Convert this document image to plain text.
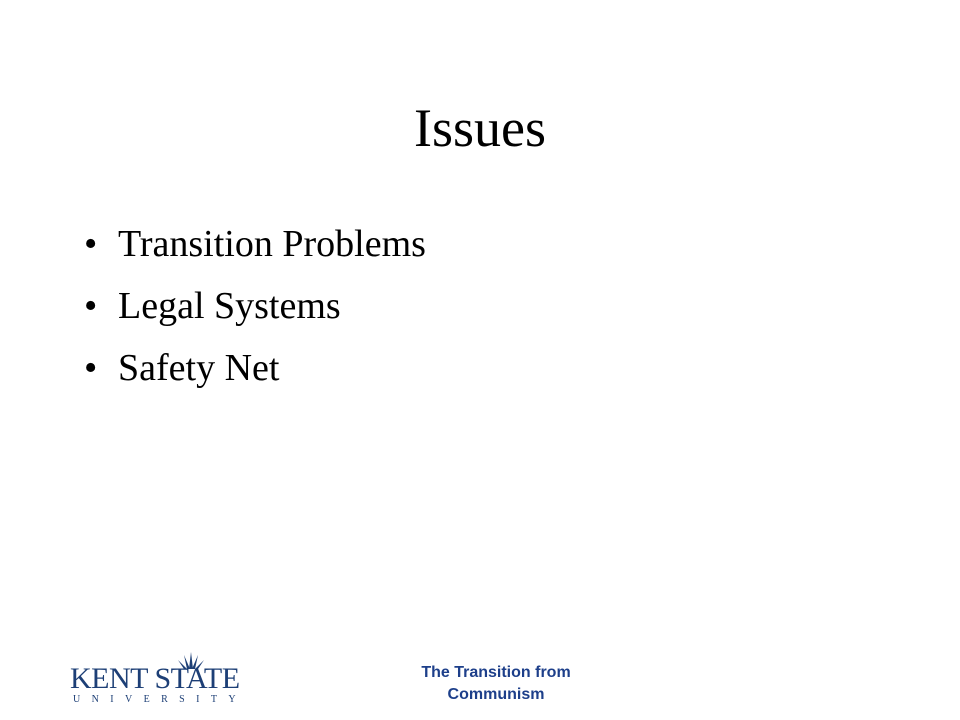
Issues
• Transition Problems
• Legal Systems
• Safety Net
KENT STATE
UNIVERSITY
The Transition from
Communism
